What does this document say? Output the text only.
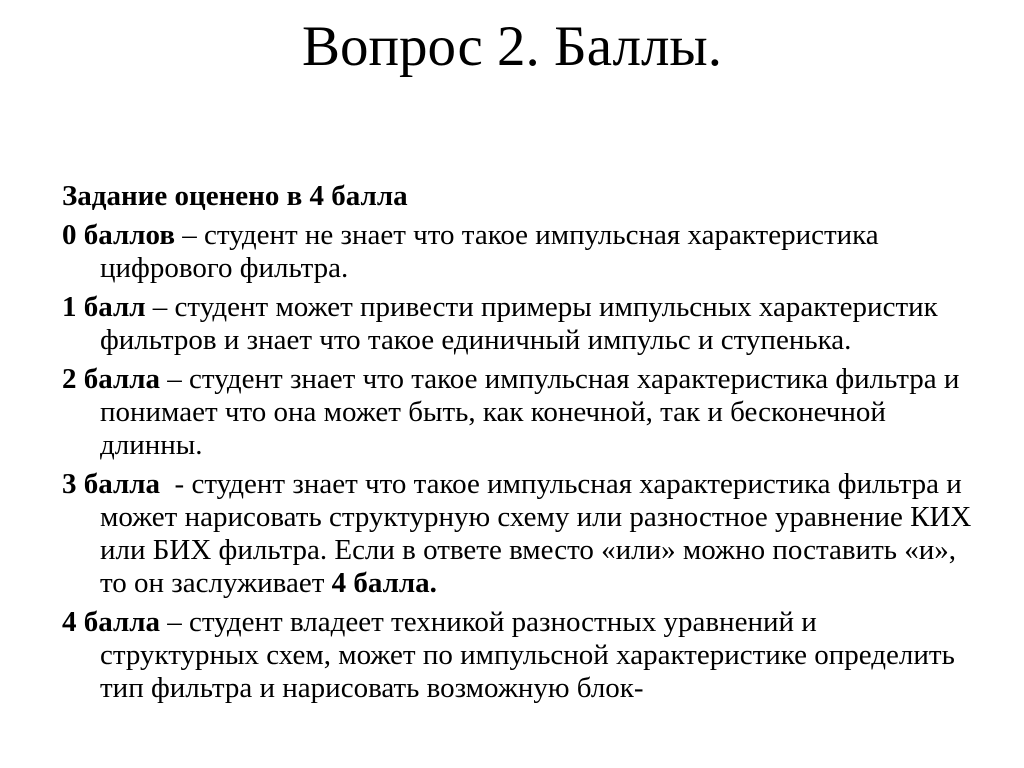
Вопрос 2. Баллы.
Задание оценено в 4 балла
0 баллов – студент не знает что такое импульсная характеристика цифрового фильтра.
1 балл – студент может привести примеры импульсных характеристик фильтров и знает что такое единичный импульс и ступенька.
2 балла – студент знает что такое импульсная характеристика фильтра и понимает что она может быть, как конечной, так и бесконечной длинны.
3 балла  - студент знает что такое импульсная характеристика фильтра и может нарисовать структурную схему или разностное уравнение КИХ или БИХ фильтра. Если в ответе вместо «или» можно поставить «и», то он заслуживает 4 балла.
4 балла – студент владеет техникой разностных уравнений и структурных схем, может по импульсной характеристике определить тип фильтра и нарисовать возможную блок-
